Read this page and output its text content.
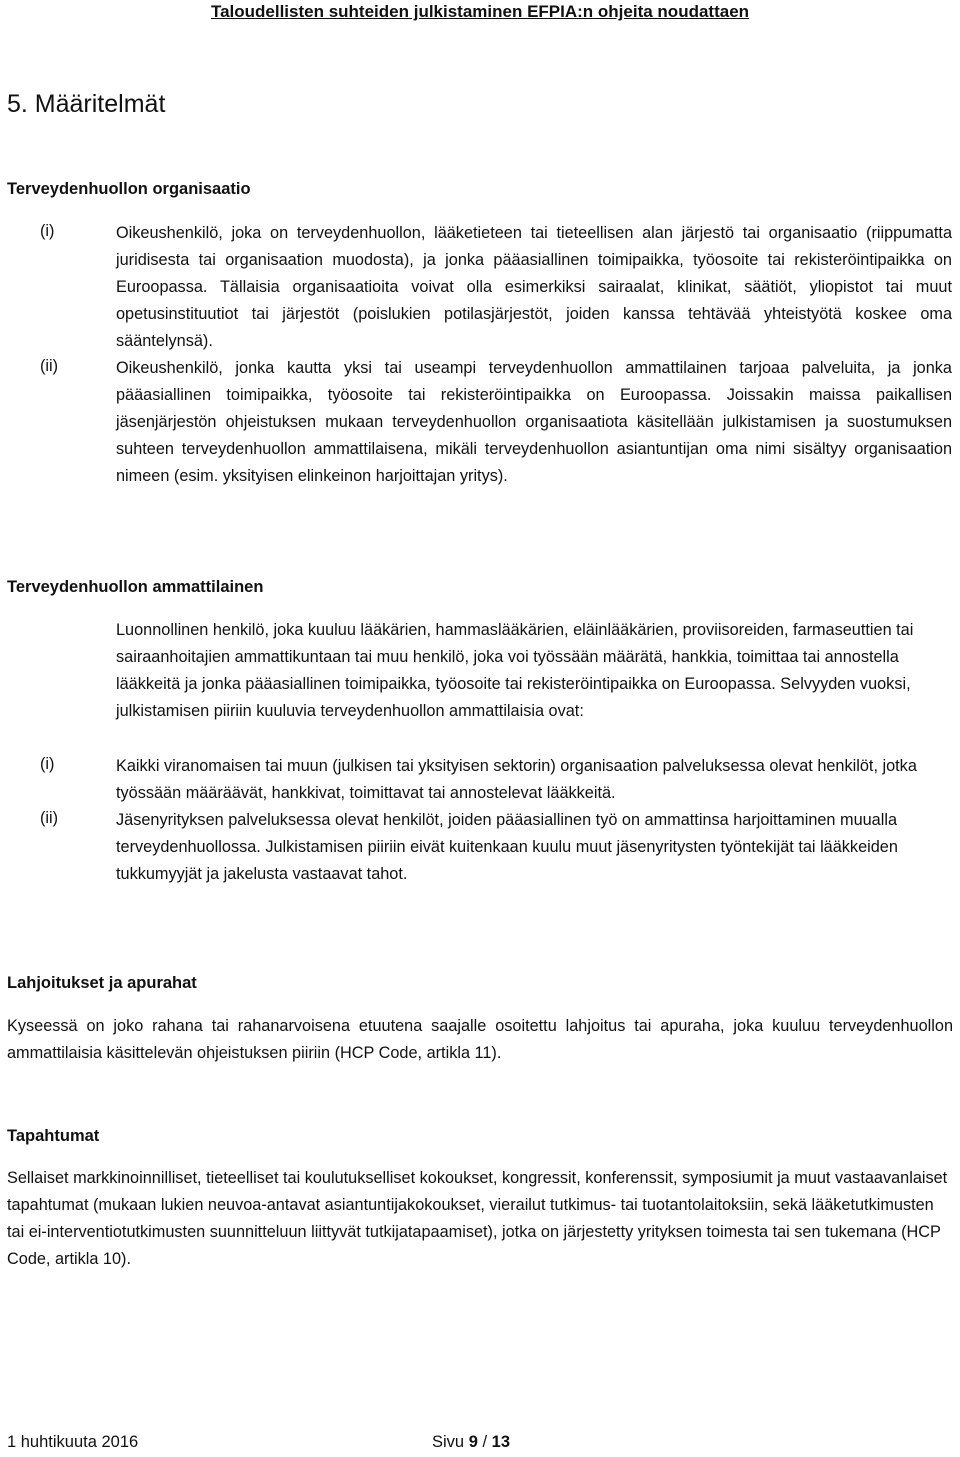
Taloudellisten suhteiden julkistaminen EFPIA:n ohjeita noudattaen
5. Määritelmät
Terveydenhuollon organisaatio
(i)	Oikeushenkilö, joka on terveydenhuollon, lääketieteen tai tieteellisen alan järjestö tai organisaatio (riippumatta juridisesta tai organisaation muodosta), ja jonka pääasiallinen toimipaikka, työosoite tai rekisteröintipaikka on Euroopassa. Tällaisia organisaatioita voivat olla esimerkiksi sairaalat, klinikat, säätiöt, yliopistot tai muut opetusinstituutiot tai järjestöt (poislukien potilasjärjestöt, joiden kanssa tehtävää yhteistyötä koskee oma sääntelynsä).
(ii)	Oikeushenkilö, jonka kautta yksi tai useampi terveydenhuollon ammattilainen tarjoaa palveluita, ja jonka pääasiallinen toimipaikka, työosoite tai rekisteröintipaikka on Euroopassa. Joissakin maissa paikallisen jäsenjärjestön ohjeistuksen mukaan terveydenhuollon organisaatiota käsitellään julkistamisen ja suostumuksen suhteen terveydenhuollon ammattilaisena, mikäli terveydenhuollon asiantuntijan oma nimi sisältyy organisaation nimeen (esim. yksityisen elinkeinon harjoittajan yritys).
Terveydenhuollon ammattilainen
Luonnollinen henkilö, joka kuuluu lääkärien, hammaslääkärien, eläinlääkärien, proviisoreiden, farmaseuttien tai sairaanhoitajien ammattikuntaan tai muu henkilö, joka voi työssään määrätä, hankkia, toimittaa tai annostella lääkkeitä ja jonka pääasiallinen toimipaikka, työosoite tai rekisteröintipaikka on Euroopassa. Selvyyden vuoksi, julkistamisen piiriin kuuluvia terveydenhuollon ammattilaisia ovat:
(i)	Kaikki viranomaisen tai muun (julkisen tai yksityisen sektorin) organisaation palveluksessa olevat henkilöt, jotka työssään määräävät, hankkivat, toimittavat tai annostelevat lääkkeitä.
(ii)	Jäsenyrityksen palveluksessa olevat henkilöt, joiden pääasiallinen työ on ammattinsa harjoittaminen muualla terveydenhuollossa. Julkistamisen piiriin eivät kuitenkaan kuulu muut jäsenyritysten työntekijät tai lääkkeiden tukkumyyjät ja jakelusta vastaavat tahot.
Lahjoitukset ja apurahat
Kyseessä on joko rahana tai rahanarvoisena etuutena saajalle osoitettu lahjoitus tai apuraha, joka kuuluu terveydenhuollon ammattilaisia käsittelevän ohjeistuksen piiriin (HCP Code, artikla 11).
Tapahtumat
Sellaiset markkinoinnilliset, tieteelliset tai koulutukselliset kokoukset, kongressit, konferenssit, symposiumit ja muut vastaavanlaiset tapahtumat (mukaan lukien neuvoa-antavat asiantuntijakokoukset, vierailut tutkimus- tai tuotantolaitoksiin, sekä lääketutkimusten tai ei-interventiotutkimusten suunnitteluun liittyvät tutkijatapaamiset), jotka on järjestetty yrityksen toimesta tai sen tukemana (HCP Code, artikla 10).
1 huhtikuuta 2016	Sivu 9 / 13
